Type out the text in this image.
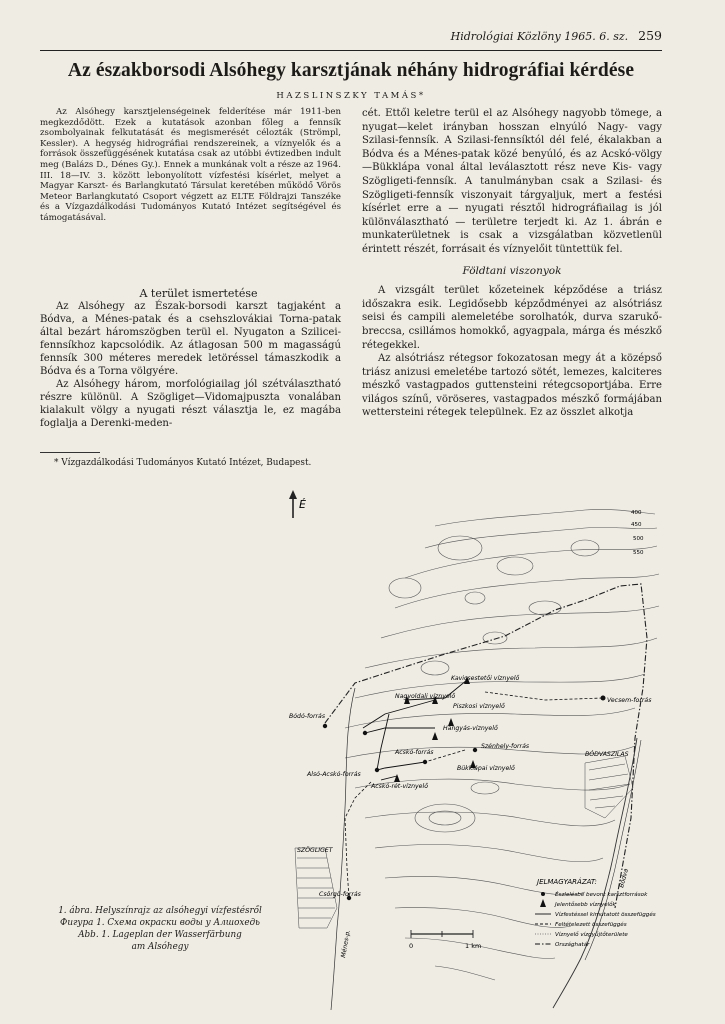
Hidrológiai Közlöny 1965. 6. sz. 259
Az északborsodi Alsóhegy karsztjának néhány hidrográfiai kérdése
HAZSLINSZKY TAMÁS*

Az Alsóhegy karsztjelenségeinek felderítése már 1911-ben megkezdődött. Ezek a kutatások azonban főleg a fennsík zsombolyainak felkutatását és megismerését célozták (Strömpl, Kessler). A hegység hidrográfiai rendszereinek, a víznyelők és a források összefüggésének kutatása csak az utóbbi évtizedben indult meg (Balázs D., Dénes Gy.). Ennek a munkának volt a része az 1964. III. 18—IV. 3. között lebonyolított vízfestési kísérlet, melyet a Magyar Karszt- és Barlangkutató Társulat keretében működő Vörös Meteor Barlangkutató Csoport végzett az ELTE Földrajzi Tanszéke és a Vízgazdálkodási Tudományos Kutató Intézet segítségével és támogatásával.

A terület ismertetése

Az Alsóhegy az Észak-borsodi karszt tagjaként a Bódva, a Ménes-patak és a csehszlovákiai Torna-patak által bezárt háromszögben terül el. Nyugaton a Szilicei-fennsíkhoz kapcsolódik. Az átlagosan 500 m magasságú fennsík 300 méteres meredek letöréssel támaszkodik a Bódva és a Torna völgyére.

Az Alsóhegy három, morfológiailag jól szétválasztható részre különül. A Szögliget—Vidomajpuszta vonalában kialakult völgy a nyugati részt választja le, ez magába foglalja a Derenki-meden-

* Vízgazdálkodási Tudományos Kutató Intézet, Budapest.

cét. Ettől keletre terül el az Alsóhegy nagyobb tömege, a nyugat—kelet irányban hosszan elnyúló Nagy- vagy Szilasi-fennsík. A Szilasi-fennsíktól dél felé, ékalakban a Bódva és a Ménes-patak közé benyúló, és az Acskó-völgy—Bükklápa vonal által leválasztott rész neve Kis- vagy Szögligeti-fennsík. A tanulmányban csak a Szilasi- és Szögligeti-fennsík viszonyait tárgyaljuk, mert a festési kísérlet erre a — nyugati résztől hidrográfiailag is jól különválasztható — területre terjedt ki. Az 1. ábrán e munkaterületnek is csak a vizsgálatban közvetlenül érintett részét, forrásait és víznyelőit tüntettük fel.

Földtani viszonyok

A vizsgált terület kőzeteinek képződése a triász időszakra esik. Legidősebb képződményei az alsótriász seisi és campili alemeletébe sorolhatók, durva szarukő-breccsa, csillámos homokkő, agyagpala, márga és mészkő rétegekkel.

Az alsótriász rétegsor fokozatosan megy át a középső triász anizusi emeletébe tartozó sötét, lemezes, kalciteres mészkő vastagpados guttensteini rétegcsoportjába. Erre világos színű, vöröseres, vastagpados mészkő formájában wettersteini rétegek települnek. Ez az összlet alkotja

É
400
450
500
550
Kavicsestetői víznyelő
Nagyoldali víznyelő
Piszkosi víznyelő
Vecsem-forrás
Bódó-forrás
Hangyás-víznyelő
Acskó-forrás
Szénhely-forrás
Bükklápai víznyelő
Alsó-Acskó-forrás
Acskó-rét-víznyelő
BÓDVASZILAS
Bódva
SZÖGLIGET
Csörgő-forrás
Ménes-p.	0	1 km
JELMAGYARÁZAT:
Észlelésbe bevont karsztforrások
Jelentősebb víznyelők
Vízfestéssel kimutatott összefüggés
Feltételezett összefüggés
Víznyelő vízgyűjtőterülete
Országhatár
1. ábra. Helyszínrajz az alsóhegyi vízfestésről
Фигура 1. Схема окраски воды у Алшохедь
Abb. 1. Lageplan der Wasserfärbung
am Alsóhegy
